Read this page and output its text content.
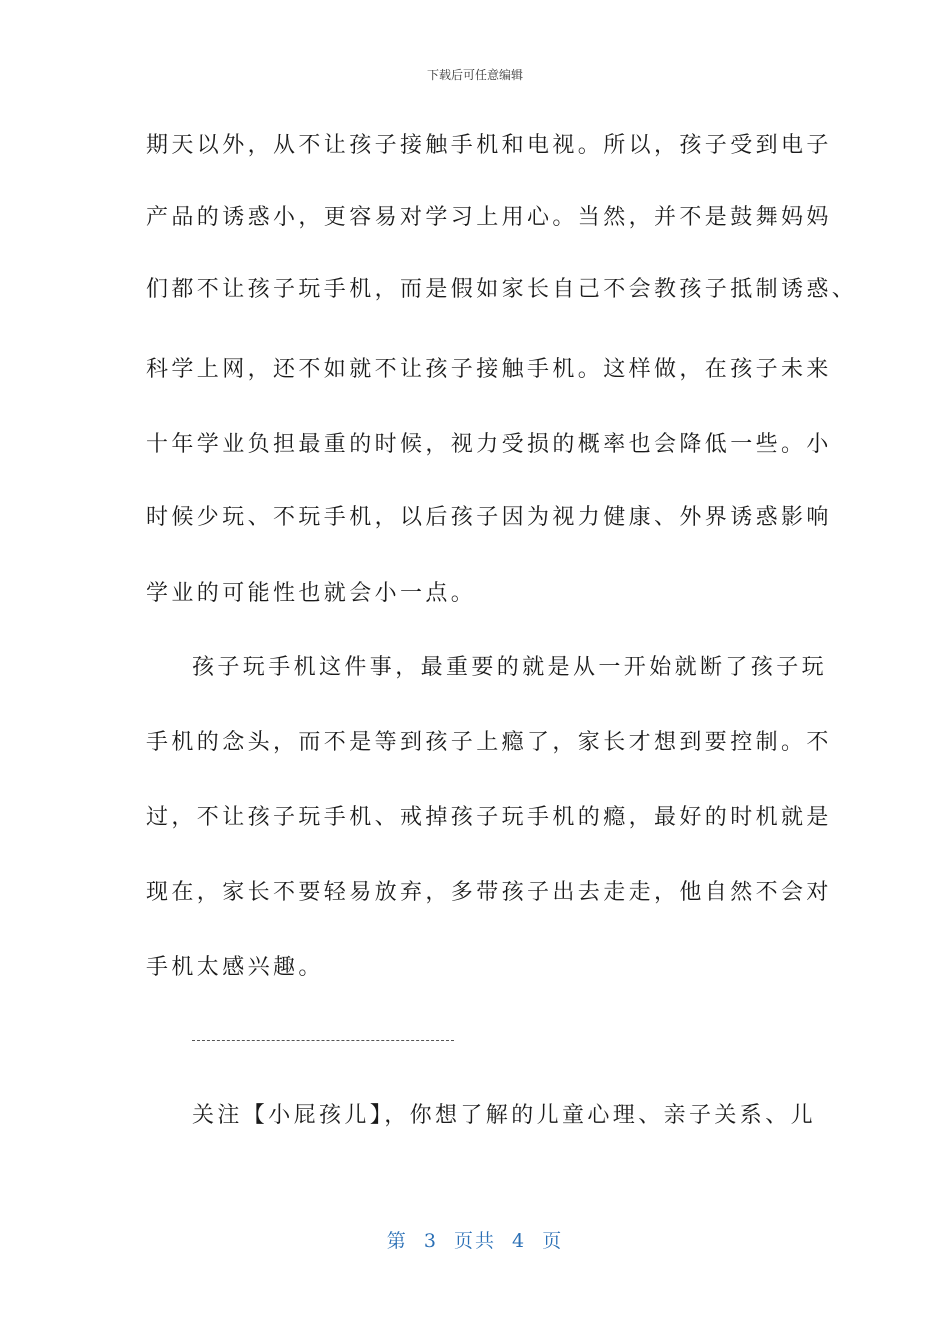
下载后可任意编辑
期天以外，从不让孩子接触手机和电视。所以，孩子受到电子
产品的诱惑小，更容易对学习上用心。当然，并不是鼓舞妈妈
们都不让孩子玩手机，而是假如家长自己不会教孩子抵制诱惑、
科学上网，还不如就不让孩子接触手机。这样做，在孩子未来
十年学业负担最重的时候，视力受损的概率也会降低一些。小
时候少玩、不玩手机，以后孩子因为视力健康、外界诱惑影响
学业的可能性也就会小一点。
孩子玩手机这件事，最重要的就是从一开始就断了孩子玩
手机的念头，而不是等到孩子上瘾了，家长才想到要控制。不
过，不让孩子玩手机、戒掉孩子玩手机的瘾，最好的时机就是
现在，家长不要轻易放弃，多带孩子出去走走，他自然不会对
手机太感兴趣。
关注【小屁孩儿】，你想了解的儿童心理、亲子关系、儿
第 3 页共 4 页
